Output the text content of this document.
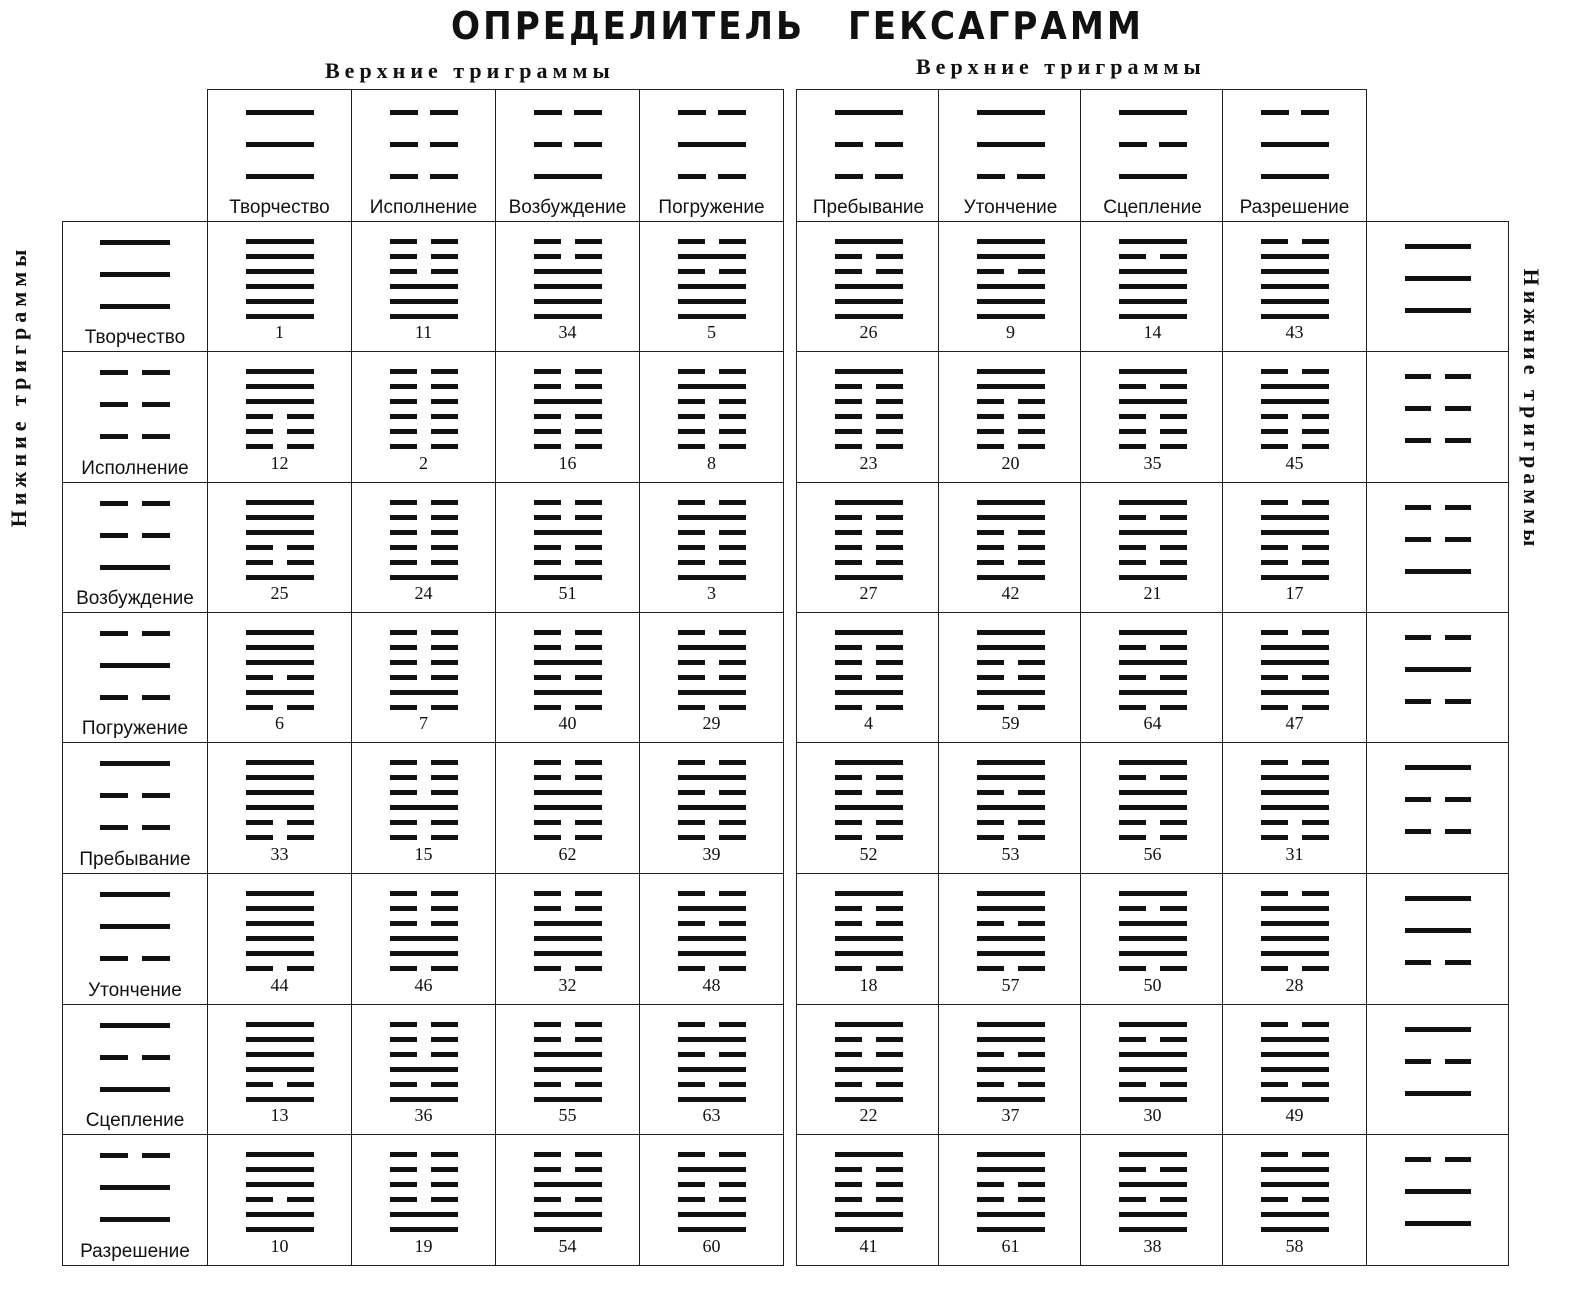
ОПРЕДЕЛИТЕЛЬ ГЕКСАГРАММ
Верхние триграммы	Верхние триграммы
Нижние триграммы	Нижние триграммы
Творчество	Исполнение	Возбуждение	Погружение	Пребывание	Утончение	Сцепление	Разрешение
Творчество	1	11	34	5	26	9	14	43
Исполнение	12	2	16	8	23	20	35	45
Возбуждение	25	24	51	3	27	42	21	17
Погружение	6	7	40	29	4	59	64	47
Пребывание	33	15	62	39	52	53	56	31
Утончение	44	46	32	48	18	57	50	28
Сцепление	13	36	55	63	22	37	30	49
Разрешение	10	19	54	60	41	61	38	58
